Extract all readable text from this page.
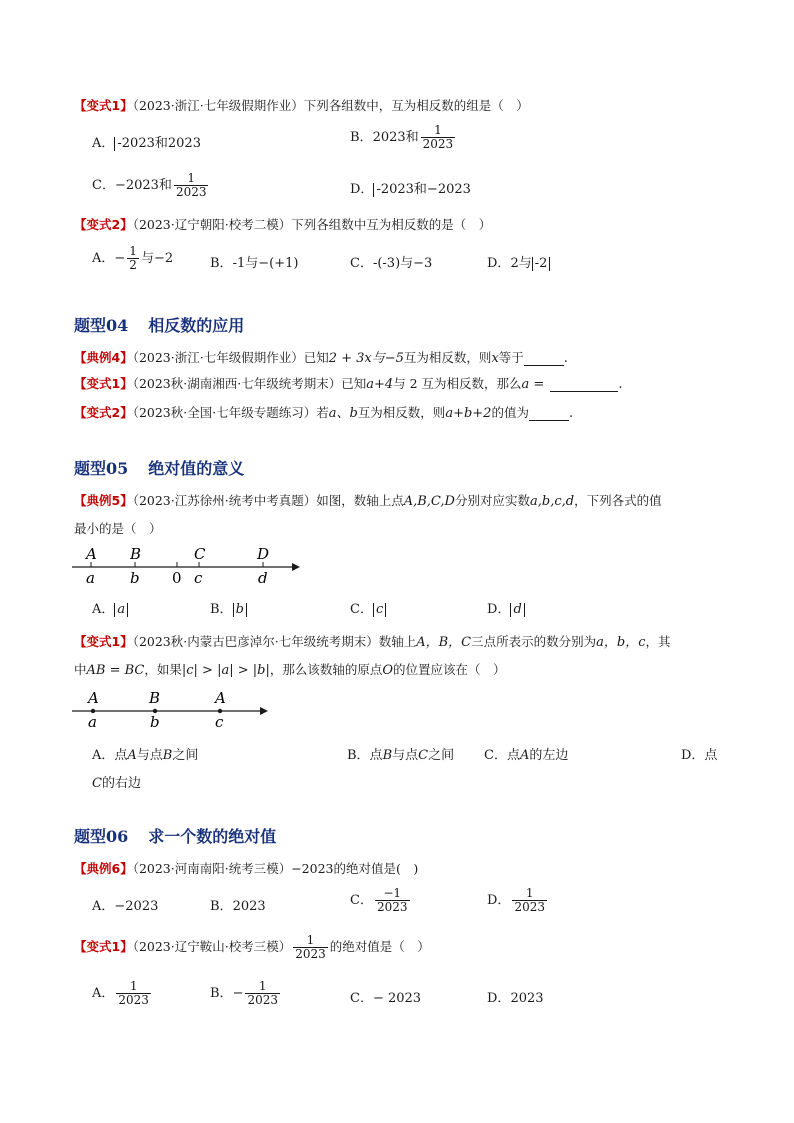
【变式1】（2023·浙江·七年级假期作业）下列各组数中，互为相反数的组是（　）
A． -2023和2023	B．2023和 $\frac{1}{2023}$
C．−2023和 $\frac{1}{2023}$	D． -2023和−2023
【变式2】（2023·辽宁朝阳·校考二模）下列各组数中互为相反数的是（　）
A．− $\frac{1}{2}$ 与−2	B．-1与−(+1)	C．-(-3)与−3	D．2与 -2
题型04 相反数的应用
【典例4】（2023·浙江·七年级假期作业）已知2 + 3x与−5互为相反数，则x等于	.
【变式1】（2023秋·湖南湘西·七年级统考期末）已知a+4与 2 互为相反数，那么a =	.
【变式2】（2023秋·全国·七年级专题练习）若a、b互为相反数，则a+b+2的值为	.
题型05 绝对值的意义
【典例5】（2023·江苏徐州·统考中考真题）如图，数轴上点A,B,C,D分别对应实数a,b,c,d，下列各式的值
最小的是（　）
A B	C	D
a b 0 c	d
A． a	B． b	C． c	D． d
【变式1】（2023秋·内蒙古巴彦淖尔·七年级统考期末）数轴上A，B，C三点所表示的数分别为a，b，c，其
中AB = BC，如果|c| > |a| > |b|，那么该数轴的原点O的位置应该在（　）
A	B	A
a	b	c
A．点A与点B之间	B．点B与点C之间 C．点A的左边	D．点
C的右边
题型06 求一个数的绝对值
【典例6】（2023·河南南阳·统考三模）−2023的绝对值是(　)
A．−2023	B．2023	C． $\frac{-1}{2023}$	D． $\frac{1}{2023}$
【变式1】（2023·辽宁鞍山·校考三模） $\frac{1}{2023}$ 的绝对值是（　）
A． $\frac{1}{2023}$	B．− $\frac{1}{2023}$	C．− 2023	D．2023
